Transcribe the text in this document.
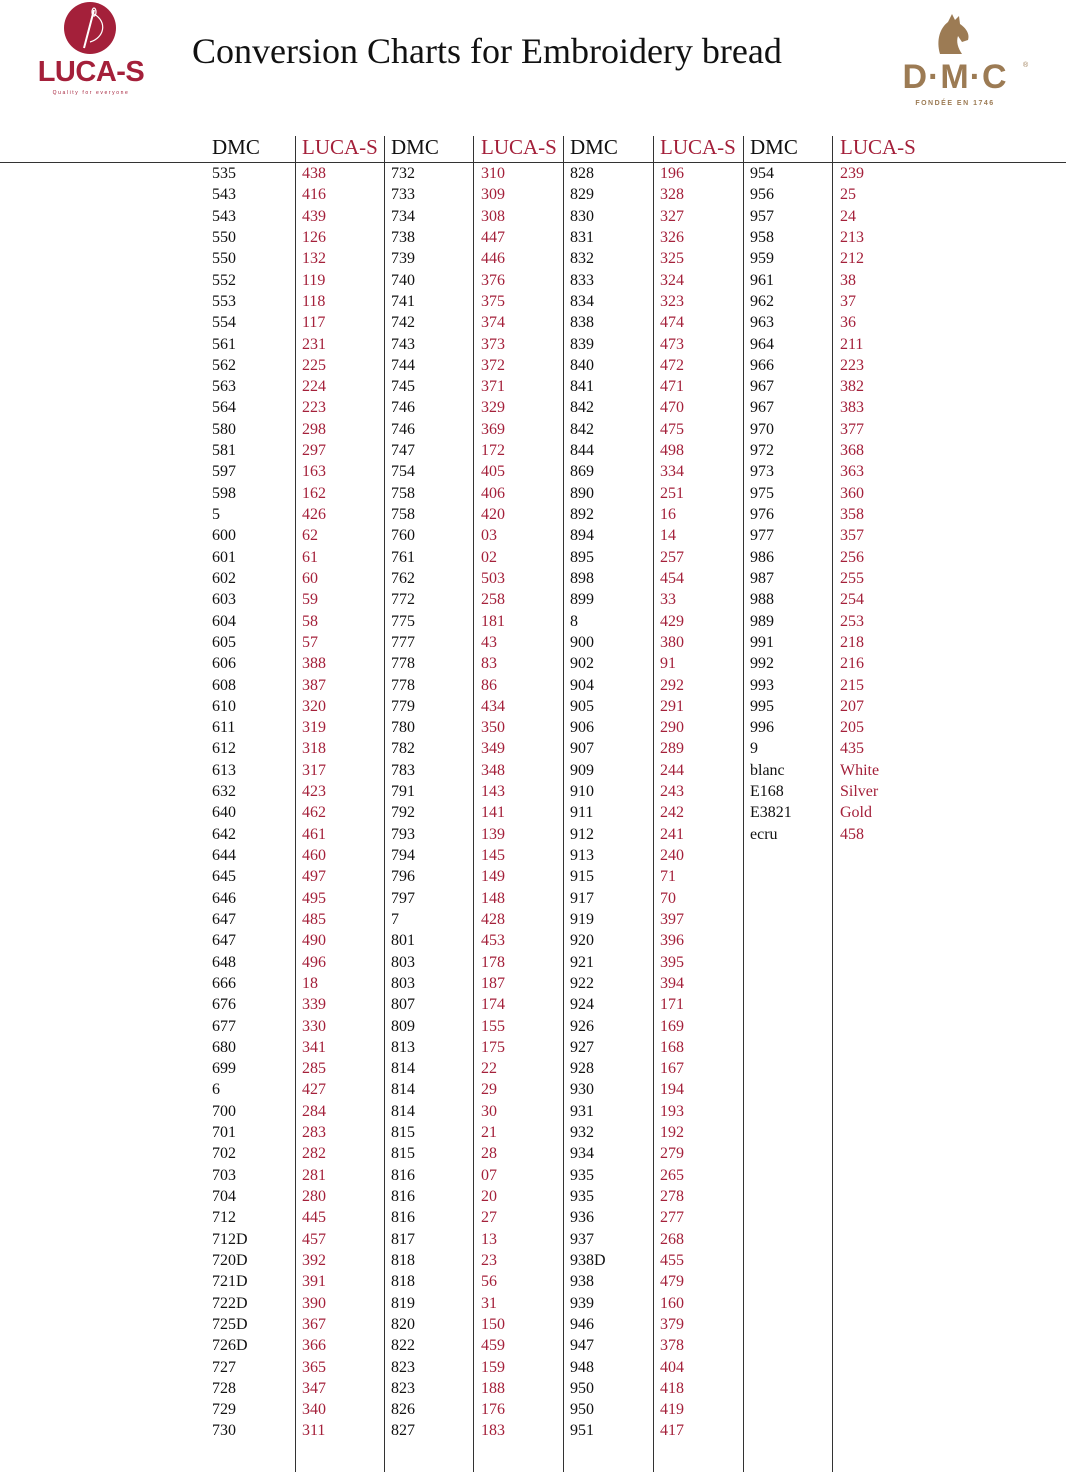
LUCA-S
Quality for everyone
Conversion Charts for Embroidery bread
D·M·C	®
FONDÉE EN 1746
DMC
535
543
543
550
550
552
553
554
561
562
563
564
580
581
597
598
5
600
601
602
603
604
605
606
608
610
611
612
613
632
640
642
644
645
646
647
647
648
666
676
677
680
699
6
700
701
702
703
704
712
712D
720D
721D
722D
725D
726D
727
728
729
730
LUCA-S
438
416
439
126
132
119
118
117
231
225
224
223
298
297
163
162
426
62
61
60
59
58
57
388
387
320
319
318
317
423
462
461
460
497
495
485
490
496
18
339
330
341
285
427
284
283
282
281
280
445
457
392
391
390
367
366
365
347
340
311
DMC
732
733
734
738
739
740
741
742
743
744
745
746
746
747
754
758
758
760
761
762
772
775
777
778
778
779
780
782
783
791
792
793
794
796
797
7
801
803
803
807
809
813
814
814
814
815
815
816
816
816
817
818
818
819
820
822
823
823
826
827
LUCA-S
310
309
308
447
446
376
375
374
373
372
371
329
369
172
405
406
420
03
02
503
258
181
43
83
86
434
350
349
348
143
141
139
145
149
148
428
453
178
187
174
155
175
22
29
30
21
28
07
20
27
13
23
56
31
150
459
159
188
176
183
DMC
828
829
830
831
832
833
834
838
839
840
841
842
842
844
869
890
892
894
895
898
899
8
900
902
904
905
906
907
909
910
911
912
913
915
917
919
920
921
922
924
926
927
928
930
931
932
934
935
935
936
937
938D
938
939
946
947
948
950
950
951
LUCA-S
196
328
327
326
325
324
323
474
473
472
471
470
475
498
334
251
16
14
257
454
33
429
380
91
292
291
290
289
244
243
242
241
240
71
70
397
396
395
394
171
169
168
167
194
193
192
279
265
278
277
268
455
479
160
379
378
404
418
419
417
DMC
954
956
957
958
959
961
962
963
964
966
967
967
970
972
973
975
976
977
986
987
988
989
991
992
993
995
996
9
blanc
E168
E3821
ecru
LUCA-S
239
25
24
213
212
38
37
36
211
223
382
383
377
368
363
360
358
357
256
255
254
253
218
216
215
207
205
435
White
Silver
Gold
458
